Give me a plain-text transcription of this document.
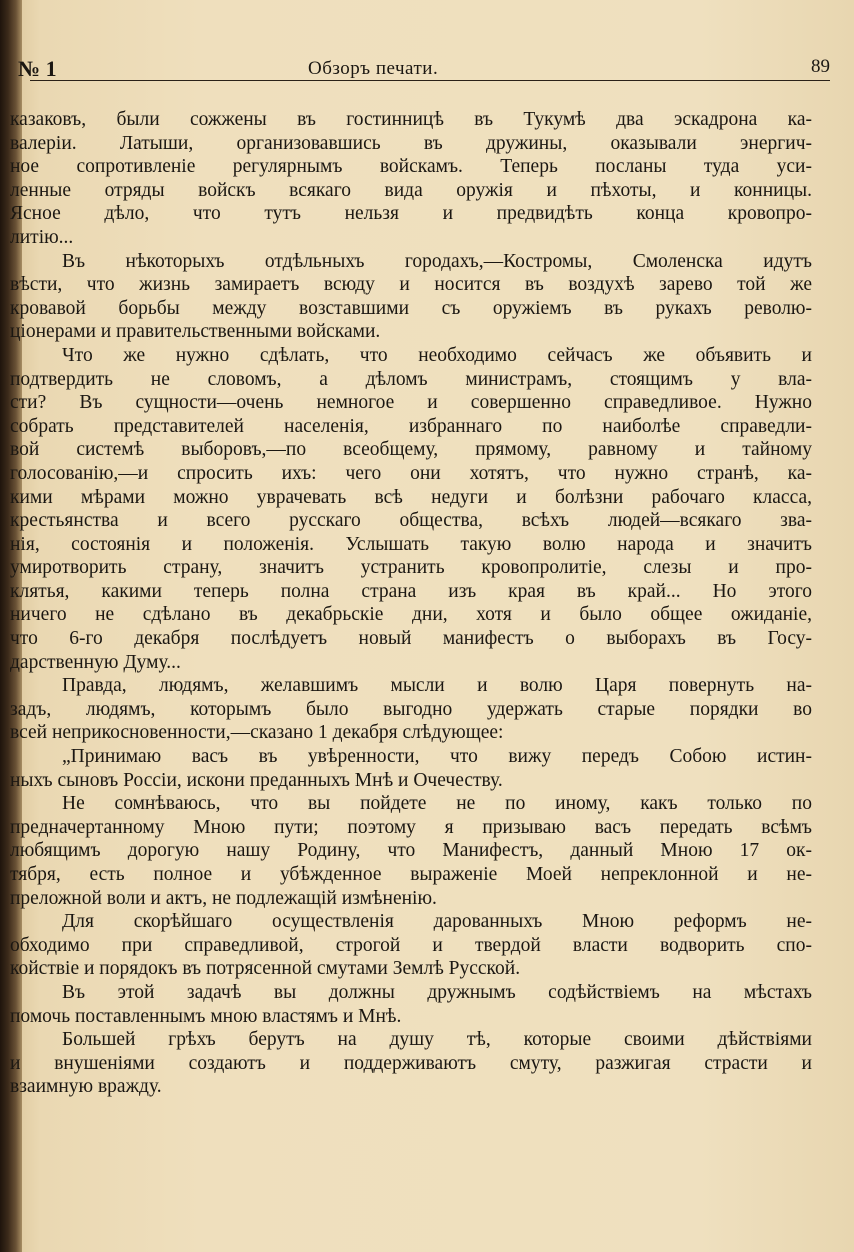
№ 1	Обзоръ печати.	89
казаковъ, были сожжены въ гостинницѣ въ Тукумѣ два эскадрона ка-
валеріи. Латыши, организовавшись въ дружины, оказывали энергич-
ное сопротивленіе регулярнымъ войскамъ. Теперь посланы туда уси-
ленные отряды войскъ всякаго вида оружія и пѣхоты, и конницы.
Ясное дѣло, что тутъ нельзя и предвидѣть конца кровопро-
литію...
Въ нѣкоторыхъ отдѣльныхъ городахъ,—Костромы, Смоленска идутъ
вѣсти, что жизнь замираетъ всюду и носится въ воздухѣ зарево той же
кровавой борьбы между возставшими съ оружіемъ въ рукахъ револю-
ціонерами и правительственными войсками.
Что же нужно сдѣлать, что необходимо сейчасъ же объявить и
подтвердить не словомъ, а дѣломъ министрамъ, стоящимъ у вла-
сти? Въ сущности—очень немногое и совершенно справедливое. Нужно
собрать представителей населенія, избраннаго по наиболѣе справедли-
вой системѣ выборовъ,—по всеобщему, прямому, равному и тайному
голосованію,—и спросить ихъ: чего они хотятъ, что нужно странѣ, ка-
кими мѣрами можно уврачевать всѣ недуги и болѣзни рабочаго класса,
крестьянства и всего русскаго общества, всѣхъ людей—всякаго зва-
нія, состоянія и положенія. Услышать такую волю народа и значитъ
умиротворить страну, значитъ устранить кровопролитіе, слезы и про-
клятья, какими теперь полна страна изъ края въ край... Но этого
ничего не сдѣлано въ декабрьскіе дни, хотя и было общее ожиданіе,
что 6-го декабря послѣдуетъ новый манифестъ о выборахъ въ Госу-
дарственную Думу...
Правда, людямъ, желавшимъ мысли и волю Царя повернуть на-
задъ, людямъ, которымъ было выгодно удержать старые порядки во
всей неприкосновенности,—сказано 1 декабря слѣдующее:
„Принимаю васъ въ увѣренности, что вижу передъ Собою истин-
ныхъ сыновъ Россіи, искони преданныхъ Мнѣ и Очечеству.
Не сомнѣваюсь, что вы пойдете не по иному, какъ только по
предначертанному Мною пути; поэтому я призываю васъ передать всѣмъ
любящимъ дорогую нашу Родину, что Манифестъ, данный Мною 17 ок-
тября, есть полное и убѣжденное выраженіе Моей непреклонной и не-
преложной воли и актъ, не подлежащій измѣненію.
Для скорѣйшаго осуществленія дарованныхъ Мною реформъ не-
обходимо при справедливой, строгой и твердой власти водворить спо-
койствіе и порядокъ въ потрясенной смутами Землѣ Русской.
Въ этой задачѣ вы должны дружнымъ содѣйствіемъ на мѣстахъ
помочь поставленнымъ мною властямъ и Мнѣ.
Большей грѣхъ берутъ на душу тѣ, которые своими дѣйствіями
и внушеніями создаютъ и поддерживаютъ смуту, разжигая страсти и
взаимную вражду.
